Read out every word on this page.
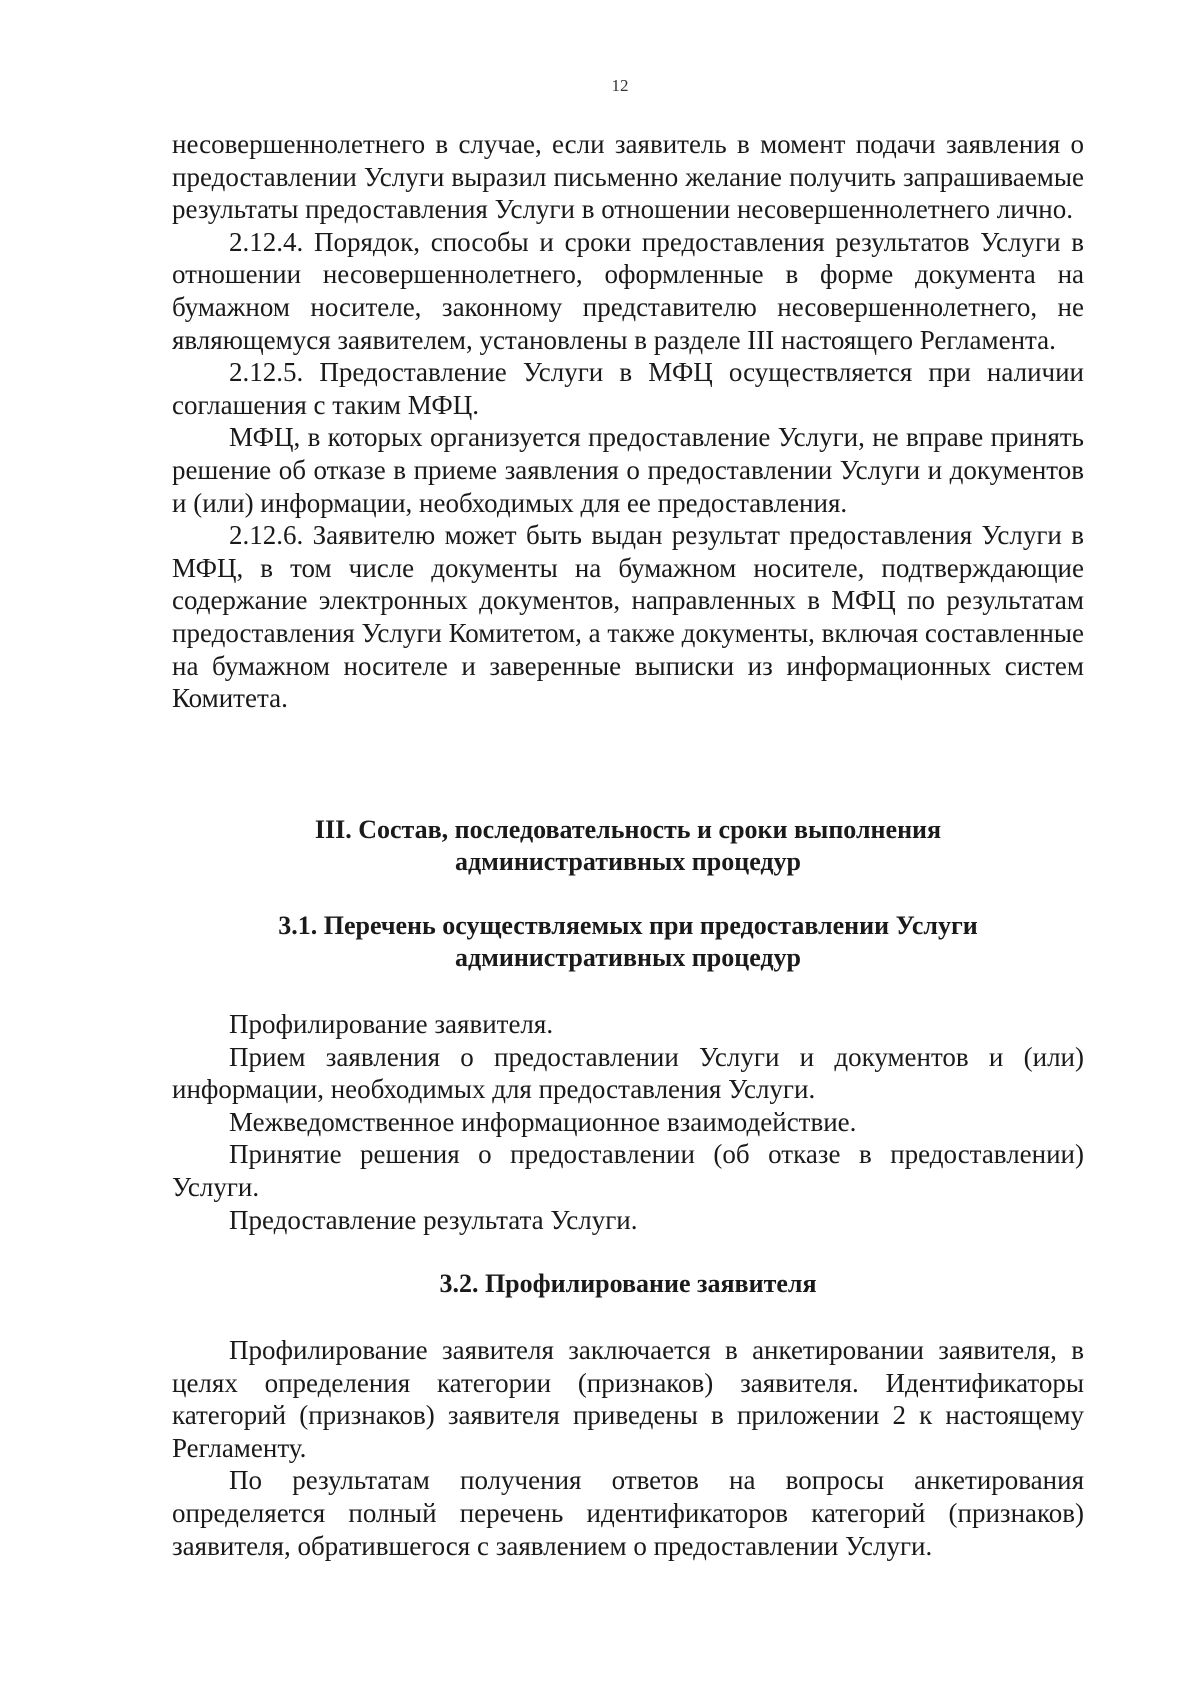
12

несовершеннолетнего в случае, если заявитель в момент подачи заявления о предоставлении Услуги выразил письменно желание получить запрашиваемые результаты предоставления Услуги в отношении несовершеннолетнего лично.

2.12.4. Порядок, способы и сроки предоставления результатов Услуги в отношении несовершеннолетнего, оформленные в форме документа на бумажном носителе, законному представителю несовершеннолетнего, не являющемуся заявителем, установлены в разделе III настоящего Регламента.

2.12.5. Предоставление Услуги в МФЦ осуществляется при наличии соглашения с таким МФЦ.

МФЦ, в которых организуется предоставление Услуги, не вправе принять решение об отказе в приеме заявления о предоставлении Услуги и документов и (или) информации, необходимых для ее предоставления.

2.12.6. Заявителю может быть выдан результат предоставления Услуги в МФЦ, в том числе документы на бумажном носителе, подтверждающие содержание электронных документов, направленных в МФЦ по результатам предоставления Услуги Комитетом, а также документы, включая составленные на бумажном носителе и заверенные выписки из информационных систем Комитета.

III. Состав, последовательность и сроки выполнения
административных процедур
3.1. Перечень осуществляемых при предоставлении Услуги
административных процедур

Профилирование заявителя.

Прием заявления о предоставлении Услуги и документов и (или) информации, необходимых для предоставления Услуги.

Межведомственное информационное взаимодействие.

Принятие решения о предоставлении (об отказе в предоставлении) Услуги.

Предоставление результата Услуги.

3.2. Профилирование заявителя

Профилирование заявителя заключается в анкетировании заявителя, в целях определения категории (признаков) заявителя. Идентификаторы категорий (признаков) заявителя приведены в приложении 2 к настоящему Регламенту.

По результатам получения ответов на вопросы анкетирования определяется полный перечень идентификаторов категорий (признаков) заявителя, обратившегося с заявлением о предоставлении Услуги.
